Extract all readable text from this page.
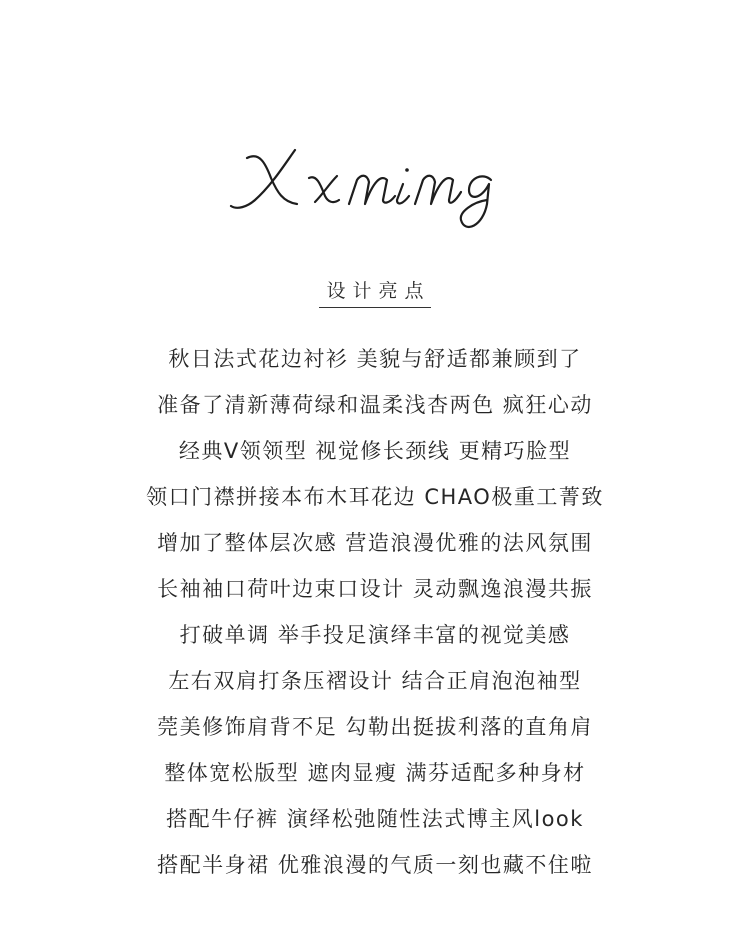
设计亮点
秋日法式花边衬衫 美貌与舒适都兼顾到了
准备了清新薄荷绿和温柔浅杏两色 疯狂心动
经典V领领型 视觉修长颈线 更精巧脸型
领口门襟拼接本布木耳花边 CHAO极重工菁致
增加了整体层次感 营造浪漫优雅的法风氛围
长袖袖口荷叶边束口设计 灵动飘逸浪漫共振
打破单调 举手投足演绎丰富的视觉美感
左右双肩打条压褶设计 结合正肩泡泡袖型
莞美修饰肩背不足 勾勒出挺拔利落的直角肩
整体宽松版型 遮肉显瘦 满芬适配多种身材
搭配牛仔裤 演绎松弛随性法式博主风look
搭配半身裙 优雅浪漫的气质一刻也藏不住啦
